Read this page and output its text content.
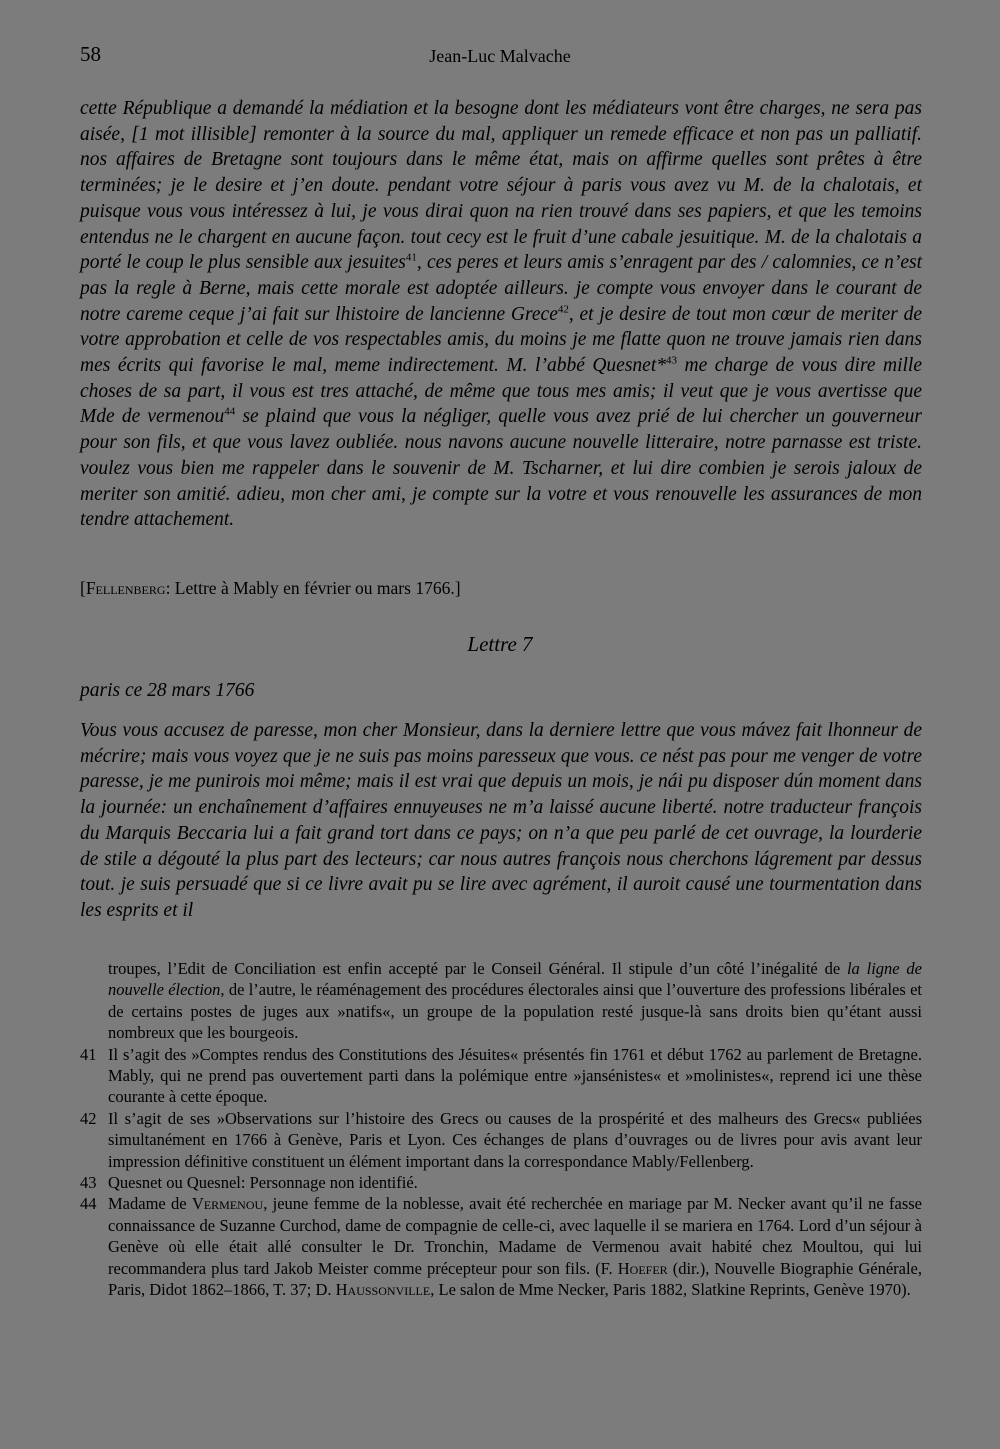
58	Jean-Luc Malvache

cette République a demandé la médiation et la besogne dont les médiateurs vont être charges, ne sera pas aisée, [1 mot illisible] remonter à la source du mal, appliquer un remede efficace et non pas un palliatif. nos affaires de Bretagne sont toujours dans le même état, mais on affirme quelles sont prêtes à être terminées; je le desire et j’en doute. pendant votre séjour à paris vous avez vu M. de la chalotais, et puisque vous vous intéressez à lui, je vous dirai quon na rien trouvé dans ses papiers, et que les temoins entendus ne le chargent en aucune façon. tout cecy est le fruit d’une cabale jesuitique. M. de la chalotais a porté le coup le plus sensible aux jesuites$^{41}$, ces peres et leurs amis s’enragent par des / calomnies, ce n’est pas la regle à Berne, mais cette morale est adoptée ailleurs. je compte vous envoyer dans le courant de notre careme ceque j’ai fait sur lhistoire de lancienne Grece$^{42}$, et je desire de tout mon cœur de meriter de votre approbation et celle de vos respectables amis, du moins je me flatte quon ne trouve jamais rien dans mes écrits qui favorise le mal, meme indirectement. M. l’abbé Quesnet*$^{43}$ me charge de vous dire mille choses de sa part, il vous est tres attaché, de même que tous mes amis; il veut que je vous avertisse que Mde de vermenou$^{44}$ se plaind que vous la négliger, quelle vous avez prié de lui chercher un gouverneur pour son fils, et que vous lavez oubliée. nous navons aucune nouvelle litteraire, notre parnasse est triste. voulez vous bien me rappeler dans le souvenir de M. Tscharner, et lui dire combien je serois jaloux de meriter son amitié. adieu, mon cher ami, je compte sur la votre et vous renouvelle les assurances de mon tendre attachement.

[Fellenberg: Lettre à Mably en février ou mars 1766.]
Lettre 7
paris ce 28 mars 1766

Vous vous accusez de paresse, mon cher Monsieur, dans la derniere lettre que vous mávez fait lhonneur de mécrire; mais vous voyez que je ne suis pas moins paresseux que vous. ce nést pas pour me venger de votre paresse, je me punirois moi même; mais il est vrai que depuis un mois, je nái pu disposer dún moment dans la journée: un enchaînement d’affaires ennuyeuses ne m’a laissé aucune liberté. notre traducteur françois du Marquis Beccaria lui a fait grand tort dans ce pays; on n’a que peu parlé de cet ouvrage, la lourderie de stile a dégouté la plus part des lecteurs; car nous autres françois nous cherchons lágrement par dessus tout. je suis persuadé que si ce livre avait pu se lire avec agrément, il auroit causé une tourmentation dans les esprits et il

troupes, l’Edit de Conciliation est enfin accepté par le Conseil Général. Il stipule d’un côté l’inégalité de la ligne de nouvelle élection, de l’autre, le réaménagement des procédures électorales ainsi que l’ouverture des professions libérales et de certains postes de juges aux »natifs«, un groupe de la population resté jusque-là sans droits bien qu’étant aussi nombreux que les bourgeois.
41 Il s’agit des »Comptes rendus des Constitutions des Jésuites« présentés fin 1761 et début 1762 au parlement de Bretagne. Mably, qui ne prend pas ouvertement parti dans la polémique entre »jansénistes« et »molinistes«, reprend ici une thèse courante à cette époque.
42 Il s’agit de ses »Observations sur l’histoire des Grecs ou causes de la prospérité et des malheurs des Grecs« publiées simultanément en 1766 à Genève, Paris et Lyon. Ces échanges de plans d’ouvrages ou de livres pour avis avant leur impression définitive constituent un élément important dans la correspondance Mably/Fellenberg.
43 Quesnet ou Quesnel: Personnage non identifié.
44 Madame de Vermenou, jeune femme de la noblesse, avait été recherchée en mariage par M. Necker avant qu’il ne fasse connaissance de Suzanne Curchod, dame de compagnie de celle-ci, avec laquelle il se mariera en 1764. Lord d’un séjour à Genève où elle était allé consulter le Dr. Tronchin, Madame de Vermenou avait habité chez Moultou, qui lui recommandera plus tard Jakob Meister comme précepteur pour son fils. (F. Hoefer (dir.), Nouvelle Biographie Générale, Paris, Didot 1862–1866, T. 37; D. Haussonville, Le salon de Mme Necker, Paris 1882, Slatkine Reprints, Genève 1970).
